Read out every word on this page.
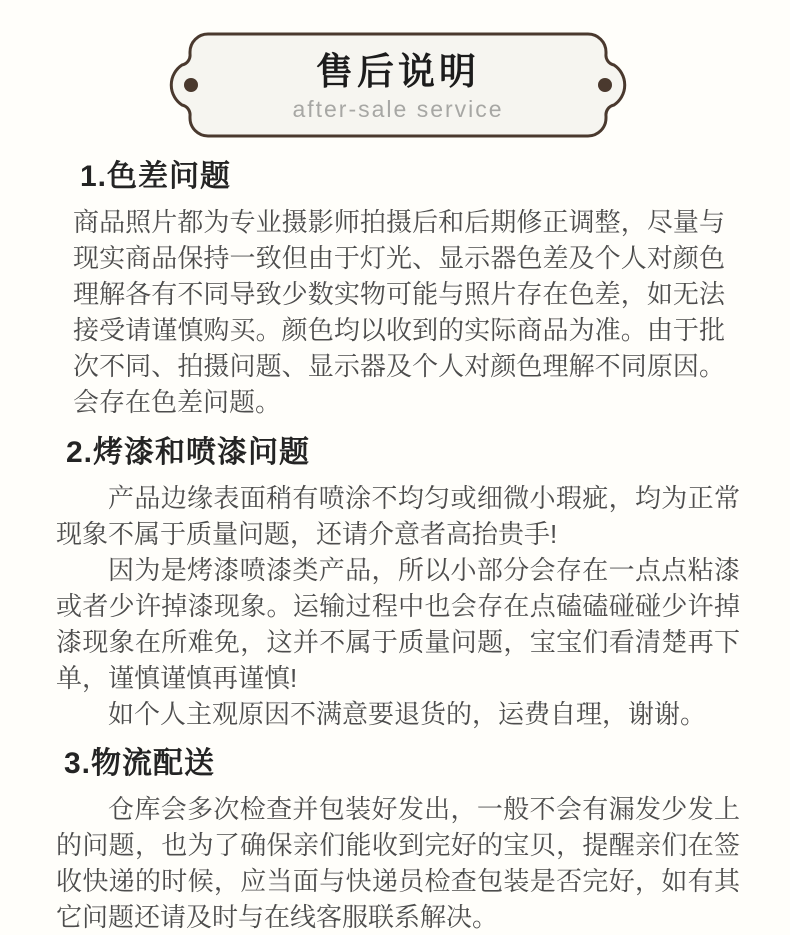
售后说明
after-sale service
1.色差问题

商品照片都为专业摄影师拍摄后和后期修正调整，尽量与现实商品保持一致但由于灯光、显示器色差及个人对颜色理解各有不同导致少数实物可能与照片存在色差，如无法接受请谨慎购买。颜色均以收到的实际商品为准。由于批次不同、拍摄问题、显示器及个人对颜色理解不同原因。会存在色差问题。

2.烤漆和喷漆问题

产品边缘表面稍有喷涂不均匀或细微小瑕疵，均为正常现象不属于质量问题，还请介意者高抬贵手!

因为是烤漆喷漆类产品，所以小部分会存在一点点粘漆或者少许掉漆现象。运输过程中也会存在点磕磕碰碰少许掉漆现象在所难免，这并不属于质量问题，宝宝们看清楚再下单，谨慎谨慎再谨慎!

如个人主观原因不满意要退货的，运费自理，谢谢。

3.物流配送

仓库会多次检查并包装好发出，一般不会有漏发少发上的问题，也为了确保亲们能收到完好的宝贝，提醒亲们在签收快递的时候，应当面与快递员检查包装是否完好，如有其它问题还请及时与在线客服联系解决。
